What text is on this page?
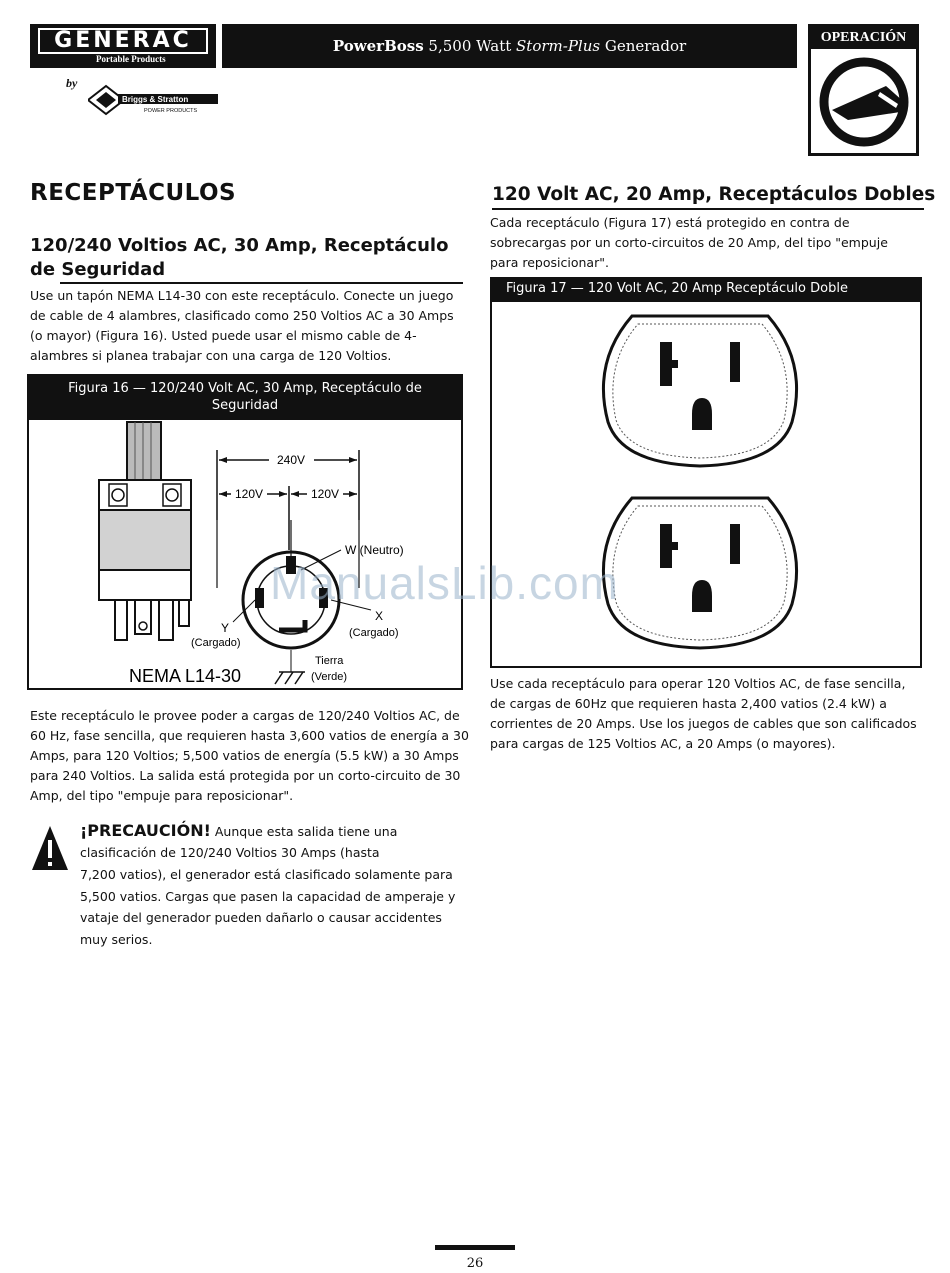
GENERAC
Portable Products
by
Briggs & Stratton
POWER PRODUCTS
PowerBoss 5,500 Watt Storm-Plus Generador	OPERACIÓN
RECEPTÁCULOS
120/240 Voltios AC, 30 Amp, Receptáculo de Seguridad
Use un tapón NEMA L14-30 con este receptáculo. Conecte un juego de cable de 4 alambres, clasificado como 250 Voltios AC a 30 Amps (o mayor) (Figura 16). Usted puede usar el mismo cable de 4-alambres si planea trabajar con una carga de 120 Voltios.
Figura 16 — 120/240 Volt AC, 30 Amp, Receptáculo de Seguridad
240V
120V	120V
W (Neutro)
X
(Cargado)
Y
(Cargado)
Tierra
(Verde)
NEMA L14-30
Este receptáculo le provee poder a cargas de 120/240 Voltios AC, de 60 Hz, fase sencilla, que requieren hasta 3,600 vatios de energía a 30 Amps, para 120 Voltios; 5,500 vatios de energía (5.5 kW) a 30 Amps para 240 Voltios. La salida está protegida por un corto-circuito de 30 Amp, del tipo "empuje para reposicionar".
¡PRECAUCIÓN! Aunque esta salida tiene una clasificación de 120/240 Voltios 30 Amps (hasta
7,200 vatios), el generador está clasificado solamente para 5,500 vatios. Cargas que pasen la capacidad de amperaje y vataje del generador pueden dañarlo o causar accidentes muy serios.
120 Volt AC, 20 Amp, Receptáculos Dobles
Cada receptáculo (Figura 17) está protegido en contra de sobrecargas por un corto-circuitos de 20 Amp, del tipo "empuje para reposicionar".
Figura 17 — 120 Volt AC, 20 Amp Receptáculo Doble
Use cada receptáculo para operar 120 Voltios AC, de fase sencilla, de cargas de 60Hz que requieren hasta 2,400 vatios (2.4 kW) a corrientes de 20 Amps. Use los juegos de cables que son calificados para cargas de 125 Voltios AC, a 20 Amps (o mayores).
ManualsLib.com
26
